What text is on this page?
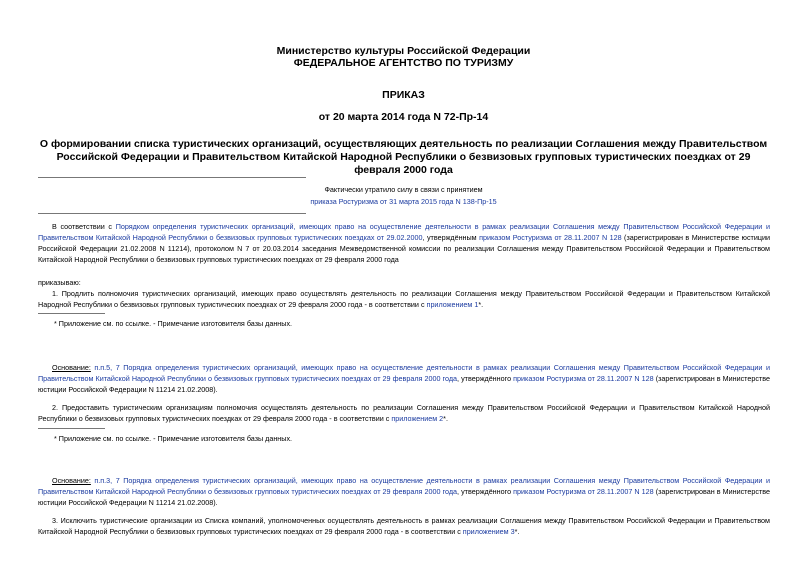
Министерство культуры Российской Федерации
ФЕДЕРАЛЬНОЕ АГЕНТСТВО ПО ТУРИЗМУ
ПРИКАЗ
от 20 марта 2014 года N 72-Пр-14
О формировании списка туристических организаций, осуществляющих деятельность по реализации Соглашения между Правительством Российской Федерации и Правительством Китайской Народной Республики о безвизовых групповых туристических поездках от 29 февраля 2000 года
Фактически утратило силу в связи с принятием
приказа Ростуризма от 31 марта 2015 года N 138-Пр-15
В соответствии с Порядком определения туристических организаций, имеющих право на осуществление деятельности в рамках реализации Соглашения между Правительством Российской Федерации и Правительством Китайской Народной Республики о безвизовых групповых туристических поездках от 29.02.2000, утверждённым приказом Ростуризма от 28.11.2007 N 128 (зарегистрирован в Министерстве юстиции Российской Федерации 21.02.2008 N 11214), протоколом N 7 от 20.03.2014 заседания Межведомственной комиссии по реализации Соглашения между Правительством Российской Федерации и Правительством Китайской Народной Республики о безвизовых групповых туристических поездках от 29 февраля 2000 года
приказываю:
1. Продлить полномочия туристических организаций, имеющих право осуществлять деятельность по реализации Соглашения между Правительством Российской Федерации и Правительством Китайской Народной Республики о безвизовых групповых туристических поездках от 29 февраля 2000 года - в соответствии с приложением 1*.
* Приложение см. по ссылке. - Примечание изготовителя базы данных.
Основание: п.п.5, 7 Порядка определения туристических организаций, имеющих право на осуществление деятельности в рамках реализации Соглашения между Правительством Российской Федерации и Правительством Китайской Народной Республики о безвизовых групповых туристических поездках от 29 февраля 2000 года, утверждённого приказом Ростуризма от 28.11.2007 N 128 (зарегистрирован в Министерстве юстиции Российской Федерации N 11214 21.02.2008).
2. Предоставить туристическим организациям полномочия осуществлять деятельность по реализации Соглашения между Правительством Российской Федерации и Правительством Китайской Народной Республики о безвизовых групповых туристических поездках от 29 февраля 2000 года - в соответствии с приложением 2*.
* Приложение см. по ссылке. - Примечание изготовителя базы данных.
Основание: п.п.3, 7 Порядка определения туристических организаций, имеющих право на осуществление деятельности в рамках реализации Соглашения между Правительством Российской Федерации и Правительством Китайской Народной Республики о безвизовых групповых туристических поездках от 29 февраля 2000 года, утверждённого приказом Ростуризма от 28.11.2007 N 128 (зарегистрирован в Министерстве юстиции Российской Федерации N 11214 21.02.2008).
3. Исключить туристические организации из Списка компаний, уполномоченных осуществлять деятельность в рамках реализации Соглашения между Правительством Российской Федерации и Правительством Китайской Народной Республики о безвизовых групповых туристических поездках от 29 февраля 2000 года - в соответствии с приложением 3*.
